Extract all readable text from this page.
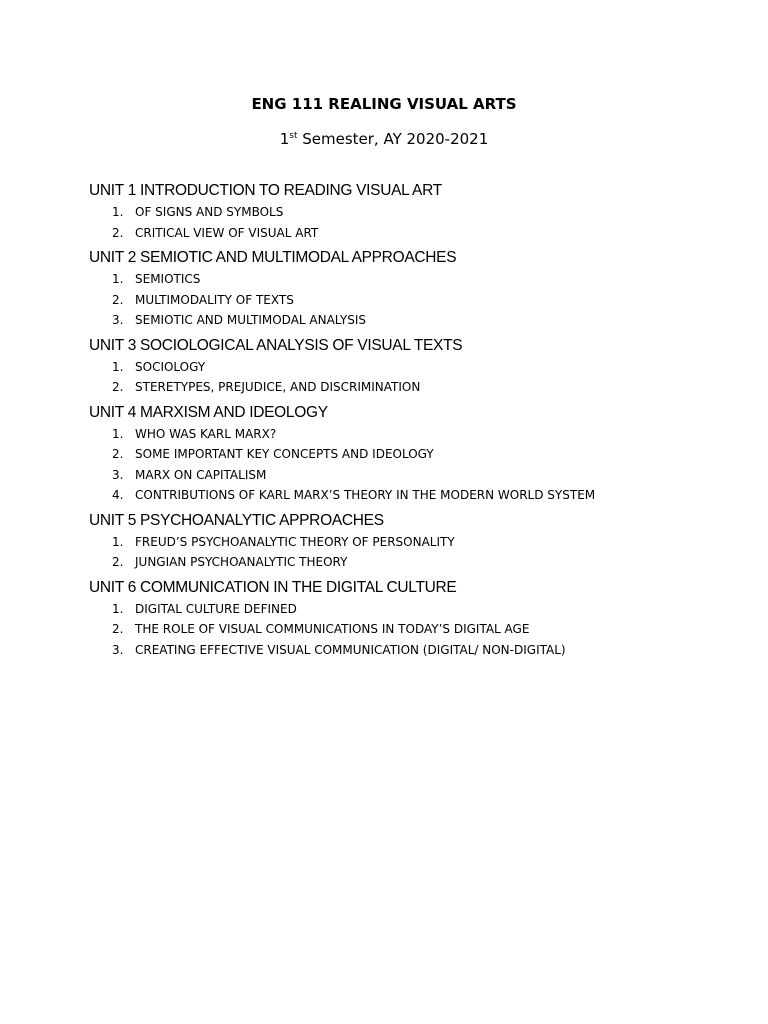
ENG 111 REALING VISUAL ARTS
1st Semester, AY 2020-2021
UNIT 1 INTRODUCTION TO READING VISUAL ART
1. OF SIGNS AND SYMBOLS
2. CRITICAL VIEW OF VISUAL ART
UNIT 2 SEMIOTIC AND MULTIMODAL APPROACHES
1. SEMIOTICS
2. MULTIMODALITY OF TEXTS
3. SEMIOTIC AND MULTIMODAL ANALYSIS
UNIT 3 SOCIOLOGICAL ANALYSIS OF VISUAL TEXTS
1. SOCIOLOGY
2. STERETYPES, PREJUDICE, AND DISCRIMINATION
UNIT 4 MARXISM AND IDEOLOGY
1. WHO WAS KARL MARX?
2. SOME IMPORTANT KEY CONCEPTS AND IDEOLOGY
3. MARX ON CAPITALISM
4. CONTRIBUTIONS OF KARL MARX’S THEORY IN THE MODERN WORLD SYSTEM
UNIT 5 PSYCHOANALYTIC APPROACHES
1. FREUD’S PSYCHOANALYTIC THEORY OF PERSONALITY
2. JUNGIAN PSYCHOANALYTIC THEORY
UNIT 6 COMMUNICATION IN THE DIGITAL CULTURE
1. DIGITAL CULTURE DEFINED
2. THE ROLE OF VISUAL COMMUNICATIONS IN TODAY’S DIGITAL AGE
3. CREATING EFFECTIVE VISUAL COMMUNICATION (DIGITAL/ NON-DIGITAL)
